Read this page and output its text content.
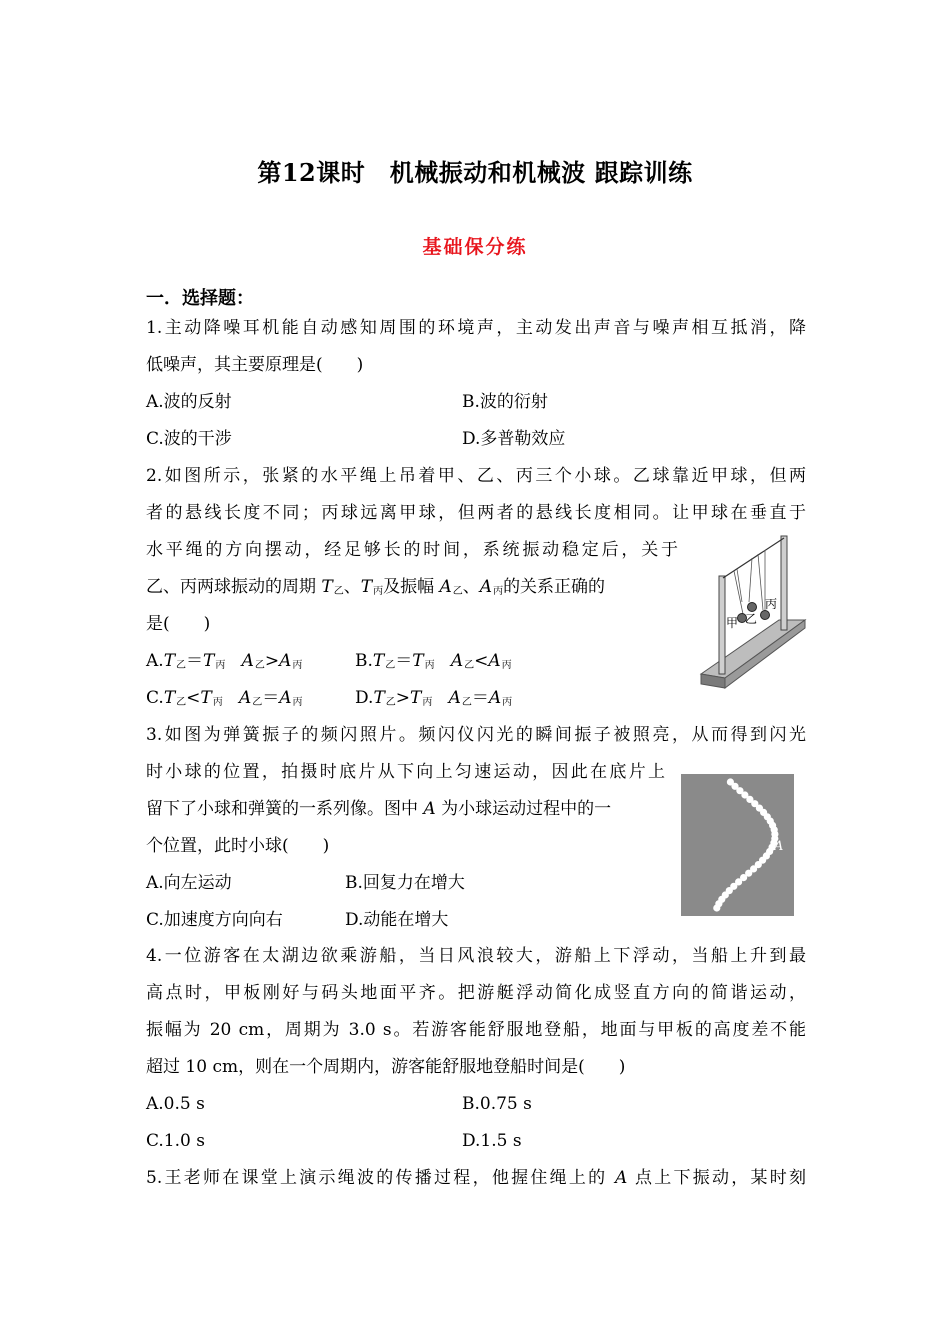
第12课时　机械振动和机械波 跟踪训练
基础保分练
一．选择题：
1.主动降噪耳机能自动感知周围的环境声，主动发出声音与噪声相互抵消，降
低噪声，其主要原理是(　　)
A.波的反射	B.波的衍射
C.波的干涉	D.多普勒效应
2.如图所示，张紧的水平绳上吊着甲、乙、丙三个小球。乙球靠近甲球，但两
者的悬线长度不同；丙球远离甲球，但两者的悬线长度相同。让甲球在垂直于
水平绳的方向摆动，经足够长的时间，系统振动稳定后，关于
乙、丙两球振动的周期 $T_乙$、$T_丙$及振幅 $A_乙$、$A_丙$的关系正确的
是(　　)
$A.T_乙=T_丙$ $A_乙>A_丙$	$B.T_乙=T_丙$ $A_乙<A_丙$
$C.T_乙<T_丙$ $A_乙=A_丙$	$D.T_乙>T_丙$ $A_乙=A_丙$
甲 乙
丙
3.如图为弹簧振子的频闪照片。频闪仪闪光的瞬间振子被照亮，从而得到闪光
时小球的位置，拍摄时底片从下向上匀速运动，因此在底片上
留下了小球和弹簧的一系列像。图中 A 为小球运动过程中的一
个位置，此时小球(　　)
A.向左运动	B.回复力在增大
C.加速度方向向右	D.动能在增大
A
4.一位游客在太湖边欲乘游船，当日风浪较大，游船上下浮动，当船上升到最
高点时，甲板刚好与码头地面平齐。把游艇浮动简化成竖直方向的简谐运动，
振幅为 20 cm，周期为 3.0 s。若游客能舒服地登船，地面与甲板的高度差不能
超过 10 cm，则在一个周期内，游客能舒服地登船时间是(　　)
A.0.5 s	B.0.75 s
C.1.0 s	D.1.5 s
5.王老师在课堂上演示绳波的传播过程，他握住绳上的 A 点上下振动，某时刻
